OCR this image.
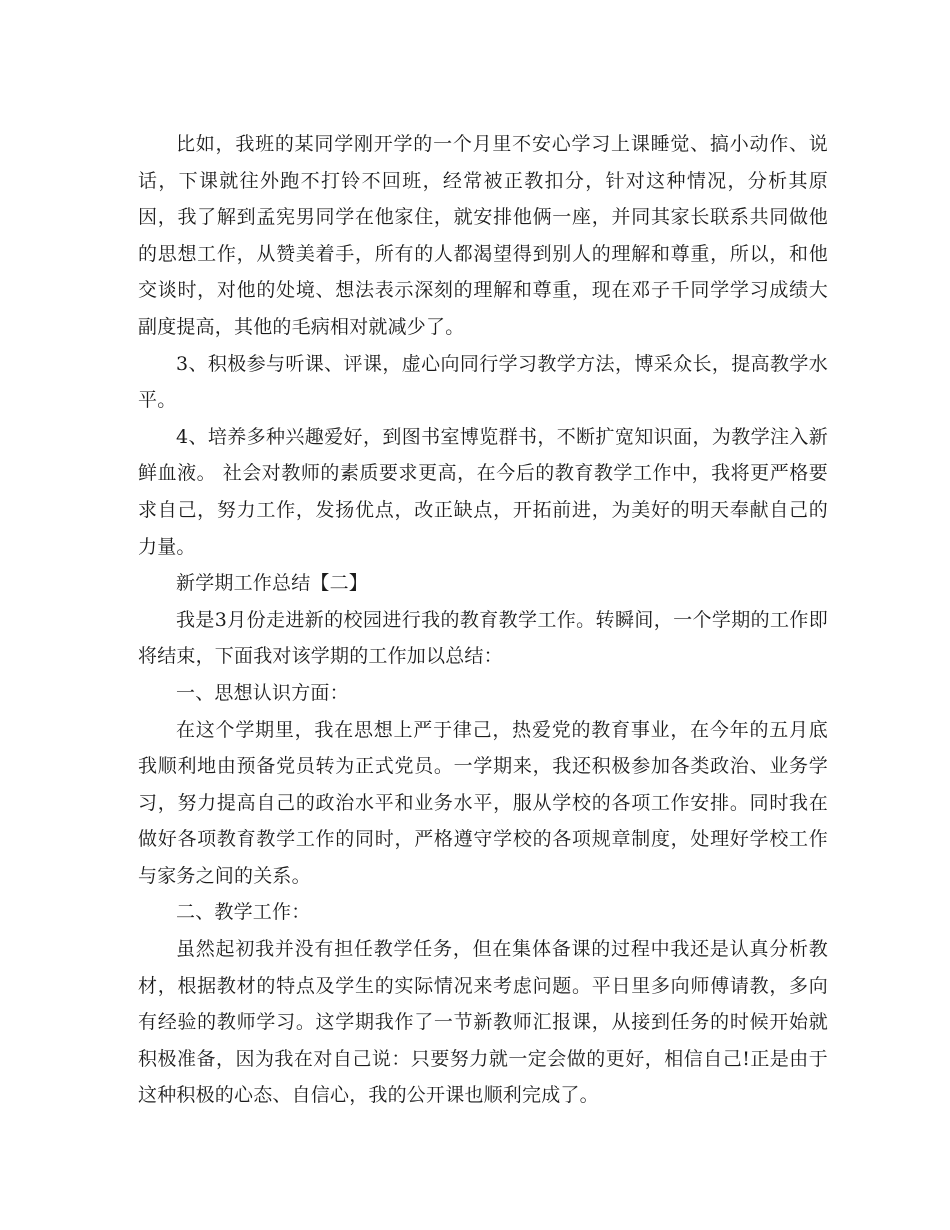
比如，我班的某同学刚开学的一个月里不安心学习上课睡觉、搞小动作、说话，下课就往外跑不打铃不回班，经常被正教扣分，针对这种情况，分析其原因，我了解到孟宪男同学在他家住，就安排他俩一座，并同其家长联系共同做他的思想工作，从赞美着手，所有的人都渴望得到别人的理解和尊重，所以，和他交谈时，对他的处境、想法表示深刻的理解和尊重，现在邓子千同学学习成绩大副度提高，其他的毛病相对就减少了。

3、积极参与听课、评课，虚心向同行学习教学方法，博采众长，提高教学水平。

4、培养多种兴趣爱好，到图书室博览群书，不断扩宽知识面，为教学注入新鲜血液。 社会对教师的素质要求更高，在今后的教育教学工作中，我将更严格要求自己，努力工作，发扬优点，改正缺点，开拓前进，为美好的明天奉献自己的力量。

新学期工作总结【二】

我是3月份走进新的校园进行我的教育教学工作。转瞬间，一个学期的工作即将结束，下面我对该学期的工作加以总结：

一、思想认识方面：

在这个学期里，我在思想上严于律己，热爱党的教育事业，在今年的五月底我顺利地由预备党员转为正式党员。一学期来，我还积极参加各类政治、业务学习，努力提高自己的政治水平和业务水平，服从学校的各项工作安排。同时我在做好各项教育教学工作的同时，严格遵守学校的各项规章制度，处理好学校工作与家务之间的关系。

二、教学工作：

虽然起初我并没有担任教学任务，但在集体备课的过程中我还是认真分析教材，根据教材的特点及学生的实际情况来考虑问题。平日里多向师傅请教，多向有经验的教师学习。这学期我作了一节新教师汇报课，从接到任务的时候开始就积极准备，因为我在对自己说：只要努力就一定会做的更好，相信自己!正是由于这种积极的心态、自信心，我的公开课也顺利完成了。
